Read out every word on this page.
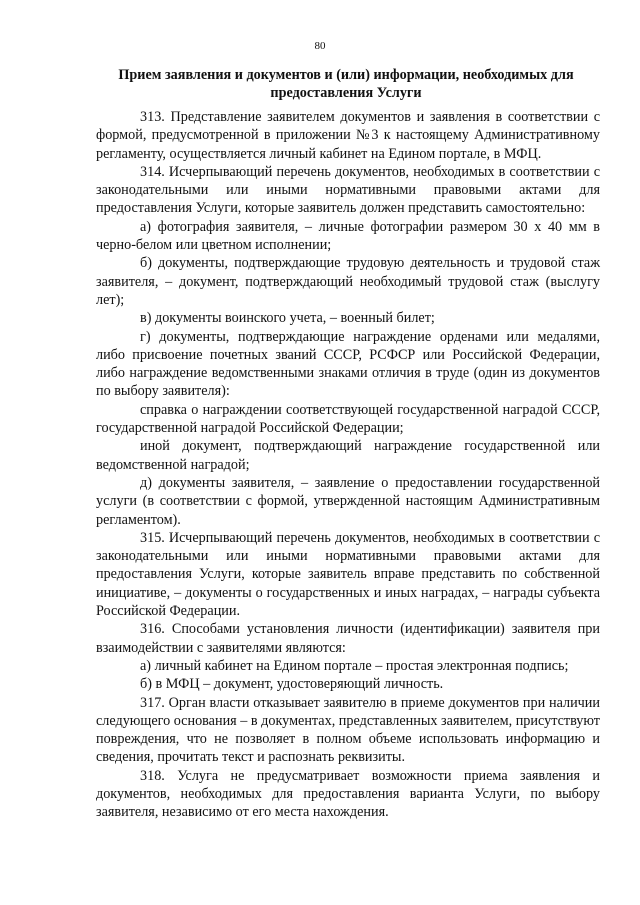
80
Прием заявления и документов и (или) информации, необходимых для предоставления Услуги

313. Представление заявителем документов и заявления в соответствии с формой, предусмотренной в приложении №3 к настоящему Административному регламенту, осуществляется личный кабинет на Едином портале, в МФЦ.

314. Исчерпывающий перечень документов, необходимых в соответствии с законодательными или иными нормативными правовыми актами для предоставления Услуги, которые заявитель должен представить самостоятельно:

а) фотография заявителя, – личные фотографии размером 30 х 40 мм в черно-белом или цветном исполнении;

б) документы, подтверждающие трудовую деятельность и трудовой стаж заявителя, – документ, подтверждающий необходимый трудовой стаж (выслугу лет);

в) документы воинского учета, – военный билет;

г) документы, подтверждающие награждение орденами или медалями, либо присвоение почетных званий СССР, РСФСР или Российской Федерации, либо награждение ведомственными знаками отличия в труде (один из документов по выбору заявителя):

справка о награждении соответствующей государственной наградой СССР, государственной наградой Российской Федерации;

иной документ, подтверждающий награждение государственной или ведомственной наградой;

д) документы заявителя, – заявление о предоставлении государственной услуги (в соответствии с формой, утвержденной настоящим Административным регламентом).

315. Исчерпывающий перечень документов, необходимых в соответствии с законодательными или иными нормативными правовыми актами для предоставления Услуги, которые заявитель вправе представить по собственной инициативе, – документы о государственных и иных наградах, – награды субъекта Российской Федерации.

316. Способами установления личности (идентификации) заявителя при взаимодействии с заявителями являются:

а) личный кабинет на Едином портале – простая электронная подпись;

б) в МФЦ – документ, удостоверяющий личность.

317. Орган власти отказывает заявителю в приеме документов при наличии следующего основания – в документах, представленных заявителем, присутствуют повреждения, что не позволяет в полном объеме использовать информацию и сведения, прочитать текст и распознать реквизиты.

318. Услуга не предусматривает возможности приема заявления и документов, необходимых для предоставления варианта Услуги, по выбору заявителя, независимо от его места нахождения.
